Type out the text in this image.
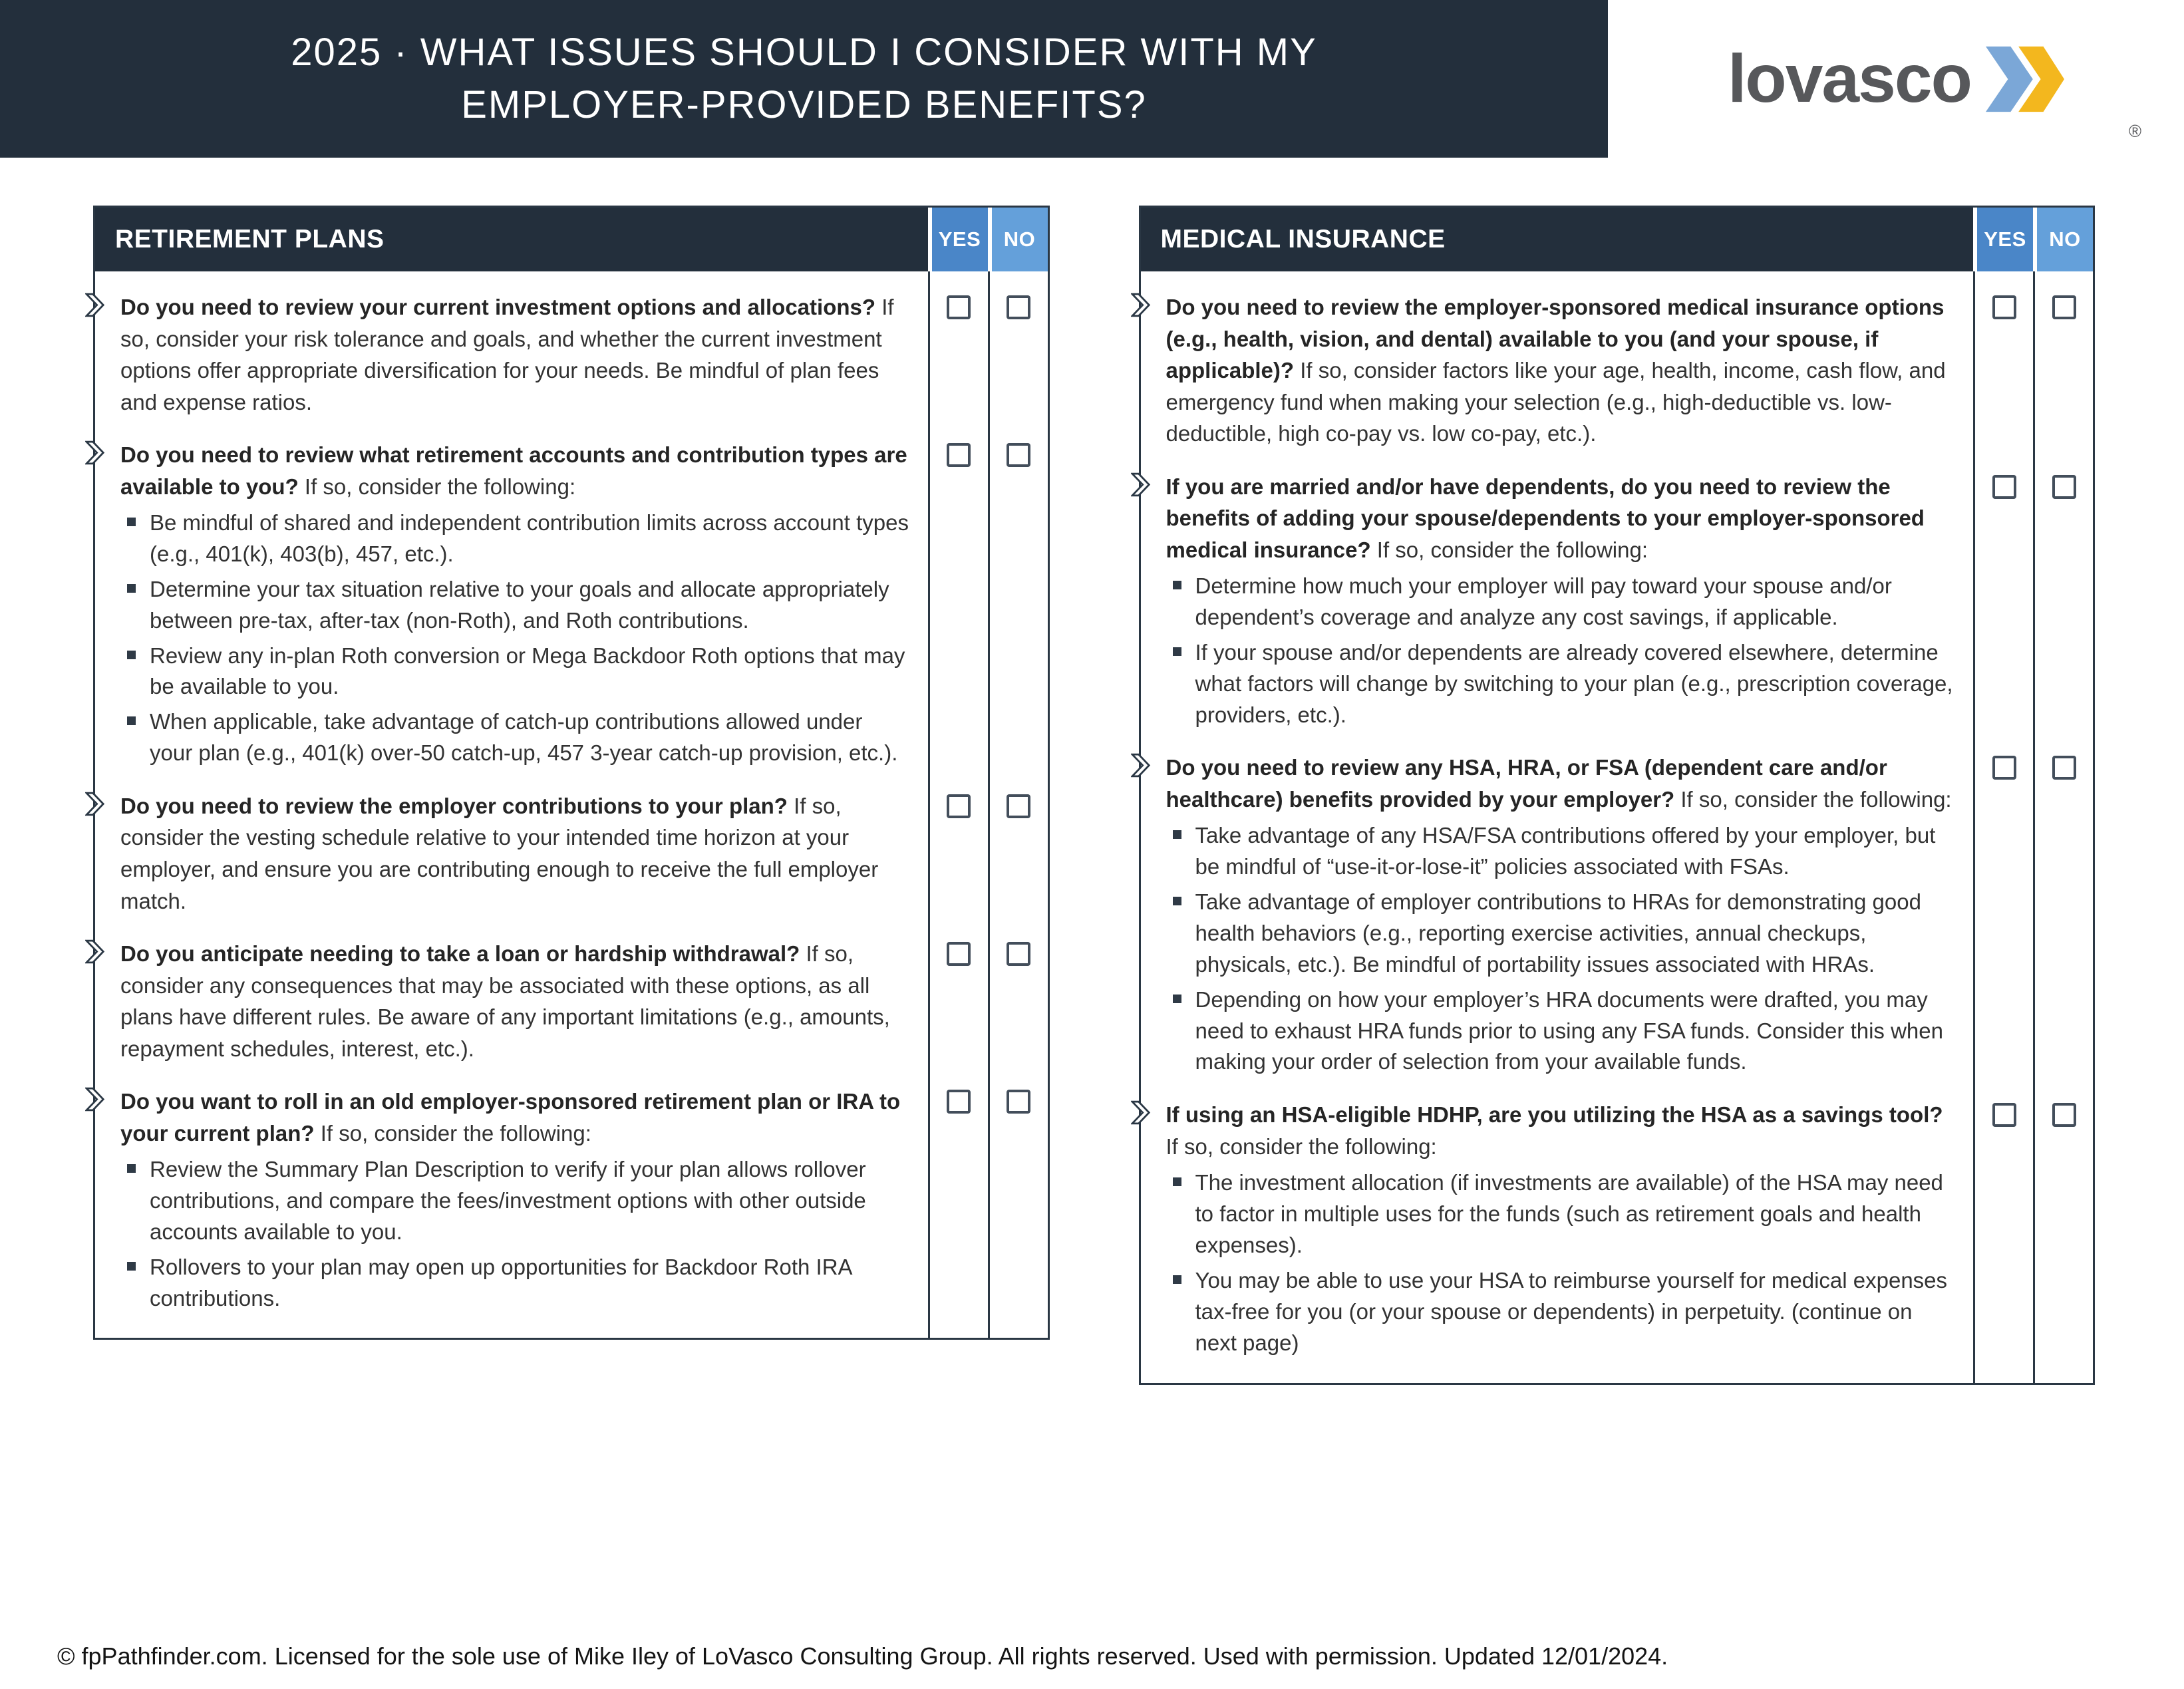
2025 · WHAT ISSUES SHOULD I CONSIDER WITH MY
EMPLOYER-PROVIDED BENEFITS?	lovasco
®
RETIREMENT PLANS	YES	NO

Do you need to review your current investment options and allocations? If so, consider your risk tolerance and goals, and whether the current investment options offer appropriate diversification for your needs. Be mindful of plan fees and expense ratios.

Do you need to review what retirement accounts and contribution types are available to you? If so, consider the following:

Be mindful of shared and independent contribution limits across account types (e.g., 401(k), 403(b), 457, etc.).
Determine your tax situation relative to your goals and allocate appropriately between pre-tax, after-tax (non-Roth), and Roth contributions.
Review any in-plan Roth conversion or Mega Backdoor Roth options that may be available to you.
When applicable, take advantage of catch-up contributions allowed under your plan (e.g., 401(k) over-50 catch-up, 457 3-year catch-up provision, etc.).

Do you need to review the employer contributions to your plan? If so, consider the vesting schedule relative to your intended time horizon at your employer, and ensure you are contributing enough to receive the full employer match.

Do you anticipate needing to take a loan or hardship withdrawal? If so, consider any consequences that may be associated with these options, as all plans have different rules. Be aware of any important limitations (e.g., amounts, repayment schedules, interest, etc.).

Do you want to roll in an old employer-sponsored retirement plan or IRA to your current plan? If so, consider the following:

Review the Summary Plan Description to verify if your plan allows rollover contributions, and compare the fees/investment options with other outside accounts available to you.
Rollovers to your plan may open up opportunities for Backdoor Roth IRA contributions.
MEDICAL INSURANCE	YES	NO

Do you need to review the employer-sponsored medical insurance options (e.g., health, vision, and dental) available to you (and your spouse, if applicable)? If so, consider factors like your age, health, income, cash flow, and emergency fund when making your selection (e.g., high-deductible vs. low-deductible, high co-pay vs. low co-pay, etc.).

If you are married and/or have dependents, do you need to review the benefits of adding your spouse/dependents to your employer-sponsored medical insurance? If so, consider the following:

Determine how much your employer will pay toward your spouse and/or dependent’s coverage and analyze any cost savings, if applicable.
If your spouse and/or dependents are already covered elsewhere, determine what factors will change by switching to your plan (e.g., prescription coverage, providers, etc.).

Do you need to review any HSA, HRA, or FSA (dependent care and/or healthcare) benefits provided by your employer? If so, consider the following:

Take advantage of any HSA/FSA contributions offered by your employer, but be mindful of “use-it-or-lose-it” policies associated with FSAs.
Take advantage of employer contributions to HRAs for demonstrating good health behaviors (e.g., reporting exercise activities, annual checkups, physicals, etc.). Be mindful of portability issues associated with HRAs.
Depending on how your employer’s HRA documents were drafted, you may need to exhaust HRA funds prior to using any FSA funds. Consider this when making your order of selection from your available funds.

If using an HSA-eligible HDHP, are you utilizing the HSA as a savings tool? If so, consider the following:

The investment allocation (if investments are available) of the HSA may need to factor in multiple uses for the funds (such as retirement goals and health expenses).
You may be able to use your HSA to reimburse yourself for medical expenses tax-free for you (or your spouse or dependents) in perpetuity. (continue on next page)
© fpPathfinder.com. Licensed for the sole use of Mike Iley of LoVasco Consulting Group. All rights reserved. Used with permission. Updated 12/01/2024.
